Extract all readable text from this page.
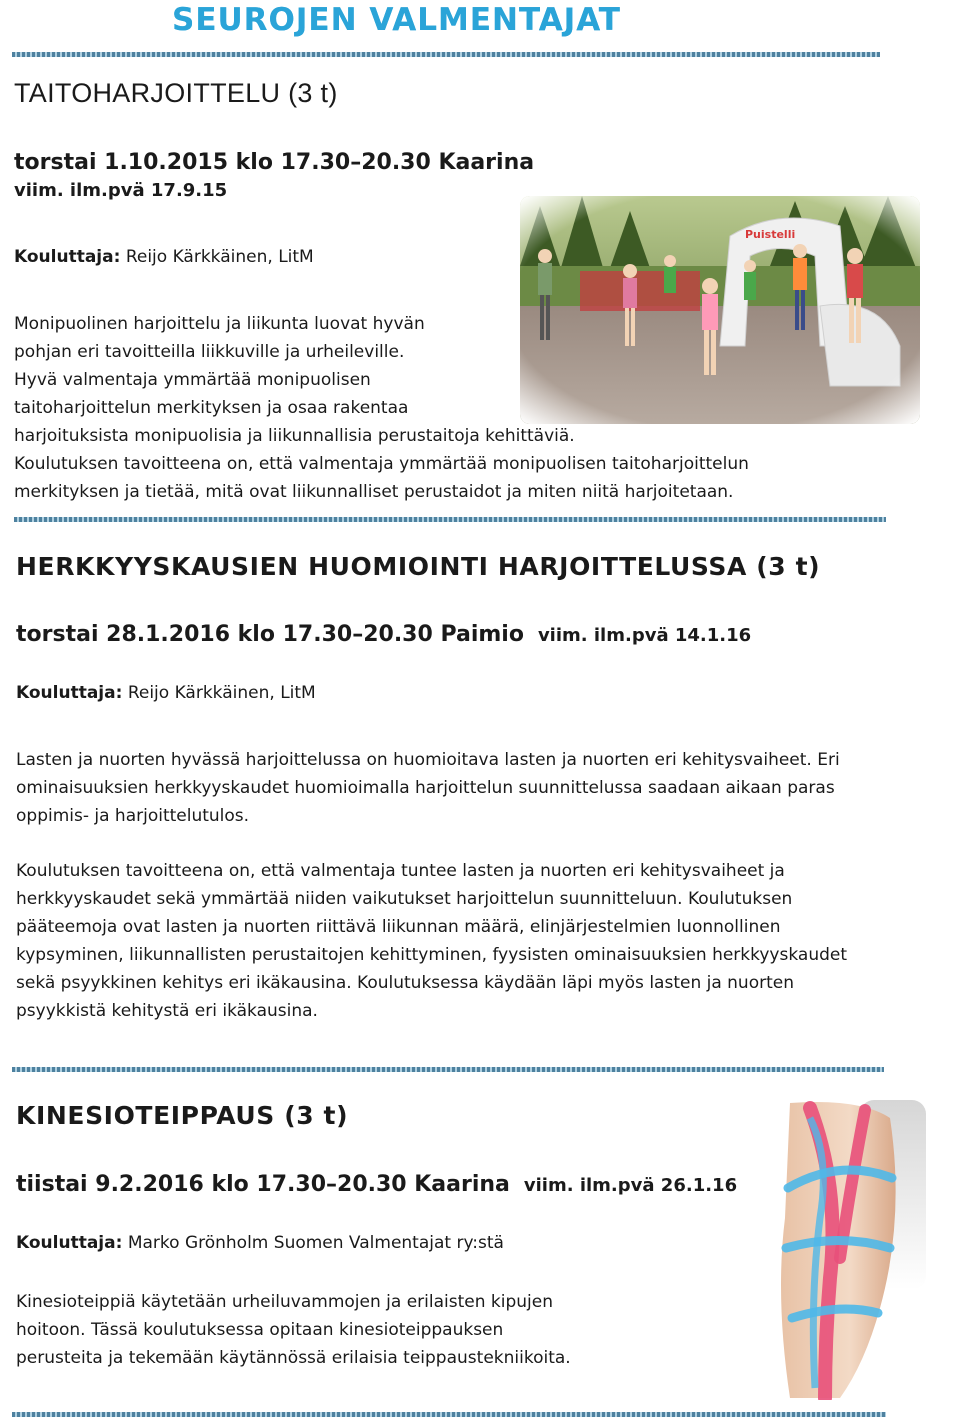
SEUROJEN VALMENTAJAT
TAITOHARJOITTELU (3 t)
torstai 1.10.2015 klo 17.30–20.30 Kaarina
viim. ilm.pvä 17.9.15
Kouluttaja: Reijo Kärkkäinen, LitM

Monipuolinen harjoittelu ja liikunta luovat hyvän

pohjan eri tavoitteilla liikkuville ja urheileville.

Hyvä valmentaja ymmärtää monipuolisen

taitoharjoittelun merkityksen ja osaa rakentaa

harjoituksista monipuolisia ja liikunnallisia perustaitoja kehittäviä.

Koulutuksen tavoitteena on, että valmentaja ymmärtää monipuolisen taitoharjoittelun

merkityksen ja tietää, mitä ovat liikunnalliset perustaidot ja miten niitä harjoitetaan.

HERKKYYSKAUSIEN HUOMIOINTI HARJOITTELUSSA (3 t)
torstai 28.1.2016 klo 17.30–20.30 Paimio viim. ilm.pvä 14.1.16
Kouluttaja: Reijo Kärkkäinen, LitM

Lasten ja nuorten hyvässä harjoittelussa on huomioitava lasten ja nuorten eri kehitysvaiheet. Eri

ominaisuuksien herkkyyskaudet huomioimalla harjoittelun suunnittelussa saadaan aikaan paras

oppimis- ja harjoittelutulos.

Koulutuksen tavoitteena on, että valmentaja tuntee lasten ja nuorten eri kehitysvaiheet ja

herkkyyskaudet sekä ymmärtää niiden vaikutukset harjoittelun suunnitteluun. Koulutuksen

pääteemoja ovat lasten ja nuorten riittävä liikunnan määrä, elinjärjestelmien luonnollinen

kypsyminen, liikunnallisten perustaitojen kehittyminen, fyysisten ominaisuuksien herkkyyskaudet

sekä psyykkinen kehitys eri ikäkausina. Koulutuksessa käydään läpi myös lasten ja nuorten

psyykkistä kehitystä eri ikäkausina.

KINESIOTEIPPAUS (3 t)
tiistai 9.2.2016 klo 17.30–20.30 Kaarina viim. ilm.pvä 26.1.16
Kouluttaja: Marko Grönholm Suomen Valmentajat ry:stä

Kinesioteippiä käytetään urheiluvammojen ja erilaisten kipujen

hoitoon. Tässä koulutuksessa opitaan kinesioteippauksen

perusteita ja tekemään käytännössä erilaisia teippaustekniikoita.
